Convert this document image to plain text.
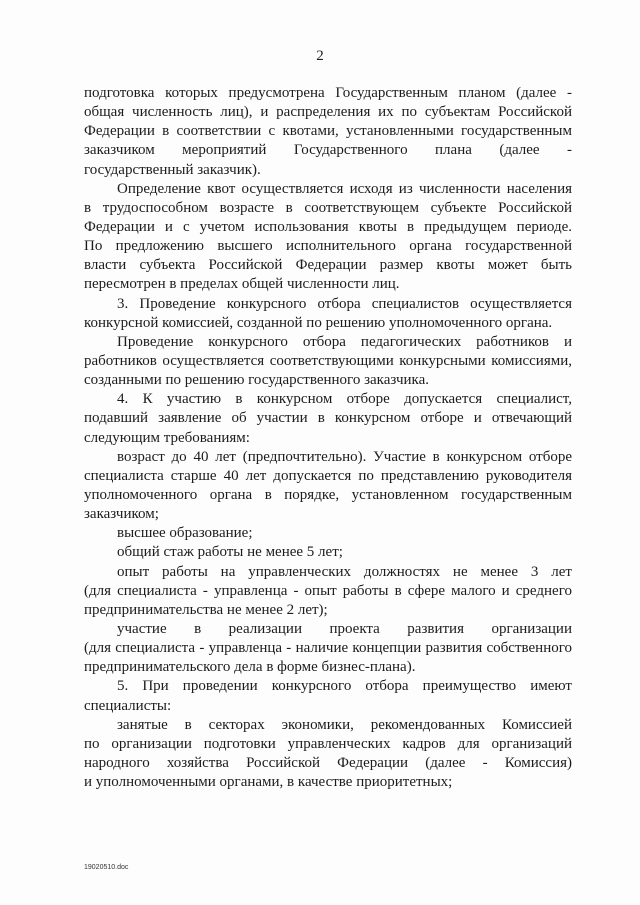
2
подготовка которых предусмотрена Государственным планом (далее -
общая численность лиц), и распределения их по субъектам Российской
Федерации в соответствии с квотами, установленными государственным
заказчиком мероприятий Государственного плана (далее -
государственный заказчик).
Определение квот осуществляется исходя из численности населения
в трудоспособном возрасте в соответствующем субъекте Российской
Федерации и с учетом использования квоты в предыдущем периоде.
По предложению высшего исполнительного органа государственной
власти субъекта Российской Федерации размер квоты может быть
пересмотрен в пределах общей численности лиц.
3. Проведение конкурсного отбора специалистов осуществляется
конкурсной комиссией, созданной по решению уполномоченного органа.
Проведение конкурсного отбора педагогических работников и
работников осуществляется соответствующими конкурсными комиссиями,
созданными по решению государственного заказчика.
4. К участию в конкурсном отборе допускается специалист,
подавший заявление об участии в конкурсном отборе и отвечающий
следующим требованиям:
возраст до 40 лет (предпочтительно). Участие в конкурсном отборе
специалиста старше 40 лет допускается по представлению руководителя
уполномоченного органа в порядке, установленном государственным
заказчиком;
высшее образование;
общий стаж работы не менее 5 лет;
опыт работы на управленческих должностях не менее 3 лет
(для специалиста - управленца - опыт работы в сфере малого и среднего
предпринимательства не менее 2 лет);
участие в реализации проекта развития организации
(для специалиста - управленца - наличие концепции развития собственного
предпринимательского дела в форме бизнес-плана).
5. При проведении конкурсного отбора преимущество имеют
специалисты:
занятые в секторах экономики, рекомендованных Комиссией
по организации подготовки управленческих кадров для организаций
народного хозяйства Российской Федерации (далее - Комиссия)
и уполномоченными органами, в качестве приоритетных;
19020510.doc
